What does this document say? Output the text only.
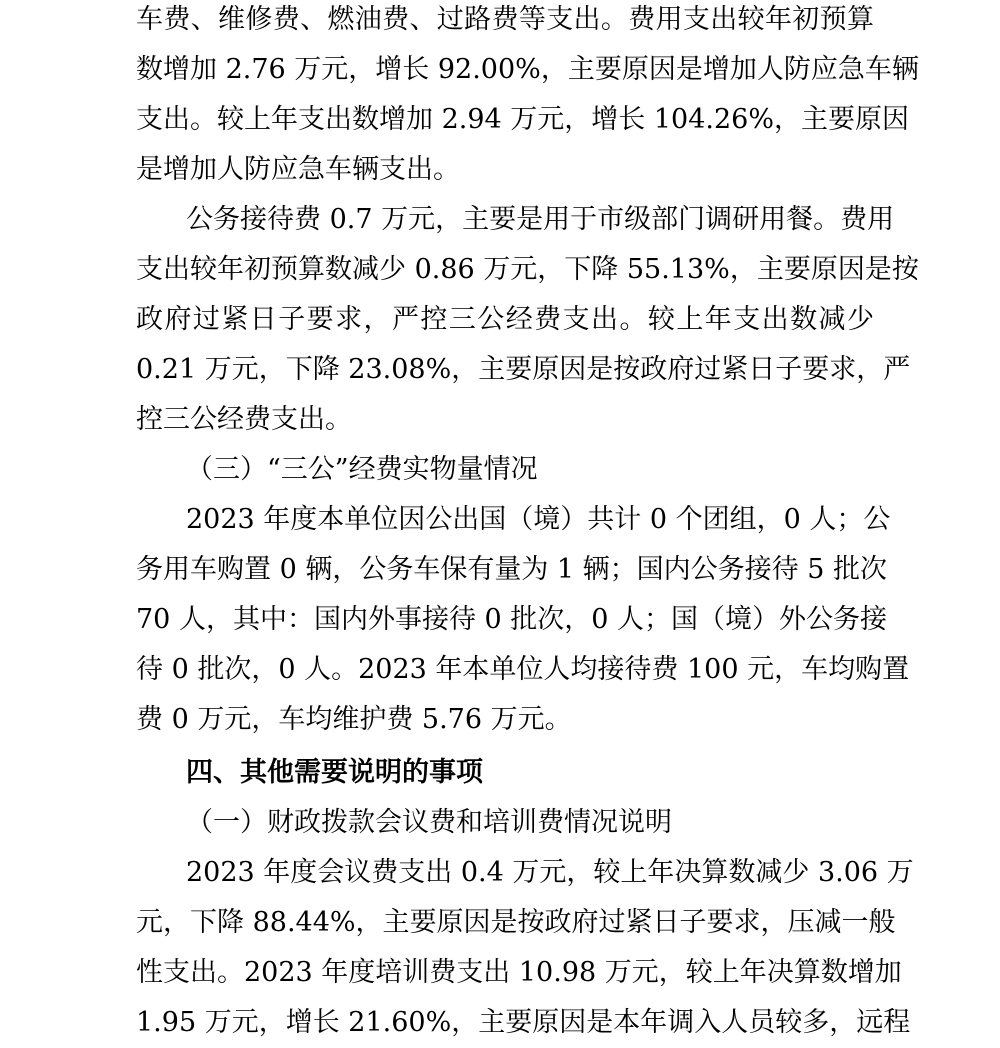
车费、维修费、燃油费、过路费等支出。费用支出较年初预算
数增加 2.76 万元，增长 92.00%，主要原因是增加人防应急车辆
支出。较上年支出数增加 2.94 万元，增长 104.26%，主要原因
是增加人防应急车辆支出。
公务接待费 0.7 万元，主要是用于市级部门调研用餐。费用
支出较年初预算数减少 0.86 万元，下降 55.13%，主要原因是按
政府过紧日子要求，严控三公经费支出。较上年支出数减少
0.21 万元，下降 23.08%，主要原因是按政府过紧日子要求，严
控三公经费支出。
（三）“三公”经费实物量情况
2023 年度本单位因公出国（境）共计 0 个团组，0 人；公
务用车购置 0 辆，公务车保有量为 1 辆；国内公务接待 5 批次
70 人，其中：国内外事接待 0 批次，0 人；国（境）外公务接
待 0 批次，0 人。2023 年本单位人均接待费 100 元，车均购置
费 0 万元，车均维护费 5.76 万元。
四、其他需要说明的事项
（一）财政拨款会议费和培训费情况说明
2023 年度会议费支出 0.4 万元，较上年决算数减少 3.06 万
元，下降 88.44%，主要原因是按政府过紧日子要求，压减一般
性支出。2023 年度培训费支出 10.98 万元，较上年决算数增加
1.95 万元，增长 21.60%，主要原因是本年调入人员较多，远程
